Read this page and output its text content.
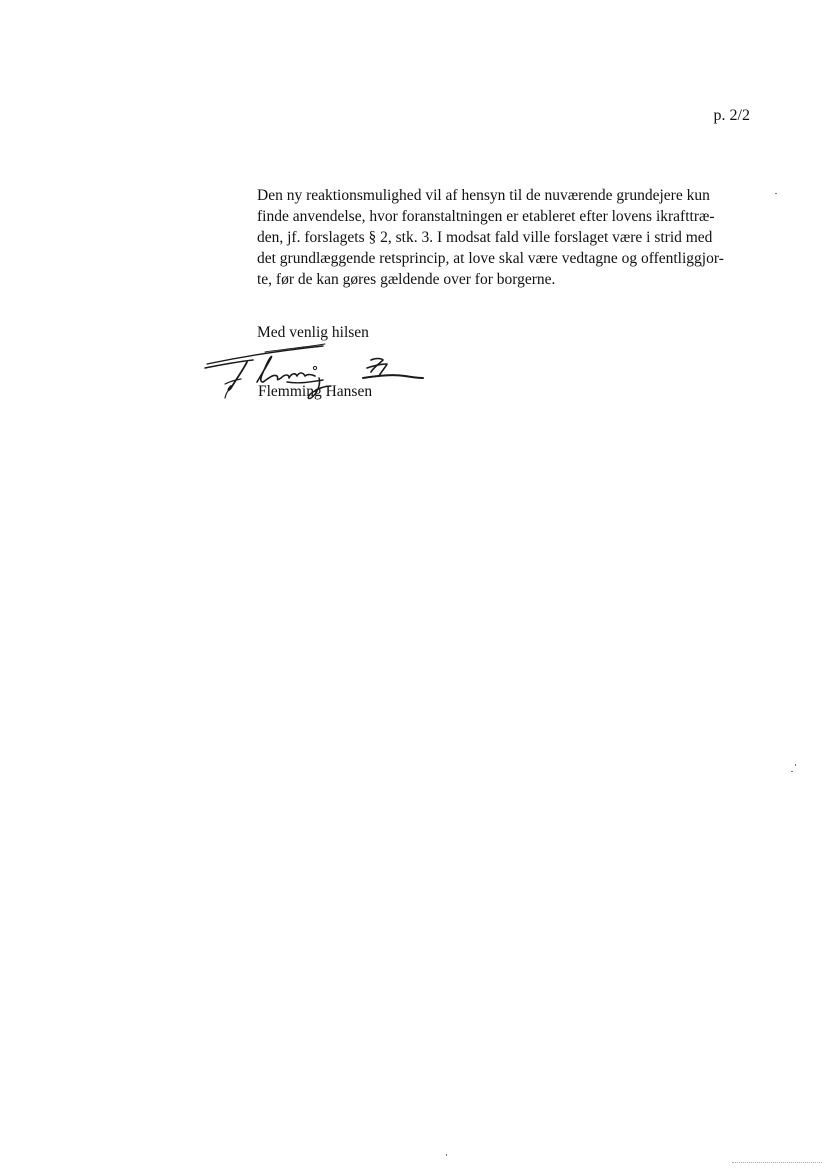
p. 2/2
Den ny reaktionsmulighed vil af hensyn til de nuværende grundejere kun
finde anvendelse, hvor foranstaltningen er etableret efter lovens ikrafttræ-
den, jf. forslagets § 2, stk. 3. I modsat fald ville forslaget være i strid med
det grundlæggende retsprincip, at love skal være vedtagne og offentliggjor-
te, før de kan gøres gældende over for borgerne.
Med venlig hilsen
Flemming Hansen
